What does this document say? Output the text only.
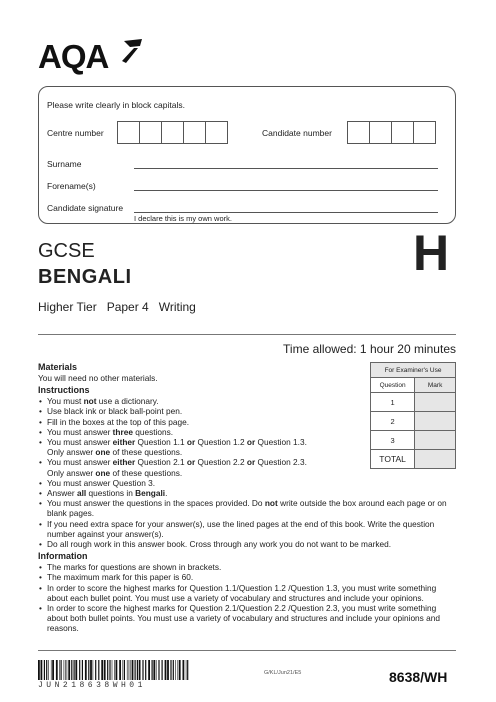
AQA
Please write clearly in block capitals.
Centre number	Candidate number
Surname
Forename(s)
Candidate signature
I declare this is my own work.
GCSE
BENGALI
Higher Tier Paper 4 Writing
H
Time allowed: 1 hour 20 minutes
For Examiner's Use	
Question	Mark
1	
2	
3	
TOTAL	
Materials

You will need no other materials.

Instructions
• You must not use a dictionary.
• Use black ink or black ball-point pen.
• Fill in the boxes at the top of this page.
• You must answer three questions.
• You must answer either Question 1.1 or Question 1.2 or Question 1.3.
Only answer one of these questions.
• You must answer either Question 2.1 or Question 2.2 or Question 2.3.
Only answer one of these questions.
• You must answer Question 3.
• Answer all questions in Bengali.
• You must answer the questions in the spaces provided. Do not write outside the box around each page or on blank pages.
• If you need extra space for your answer(s), use the lined pages at the end of this book. Write the question number against your answer(s).
• Do all rough work in this answer book. Cross through any work you do not want to be marked.
Information
• The marks for questions are shown in brackets.
• The maximum mark for this paper is 60.
• In order to score the highest marks for Question 1.1/Question 1.2 /Question 1.3, you must write something about each bullet point. You must use a variety of vocabulary and structures and include your opinions.
• In order to score the highest marks for Question 2.1/Question 2.2 /Question 2.3, you must write something about both bullet points. You must use a variety of vocabulary and structures and include your opinions and reasons.
JUN218638WH01
G/KL/Jun21/E5	8638/WH
